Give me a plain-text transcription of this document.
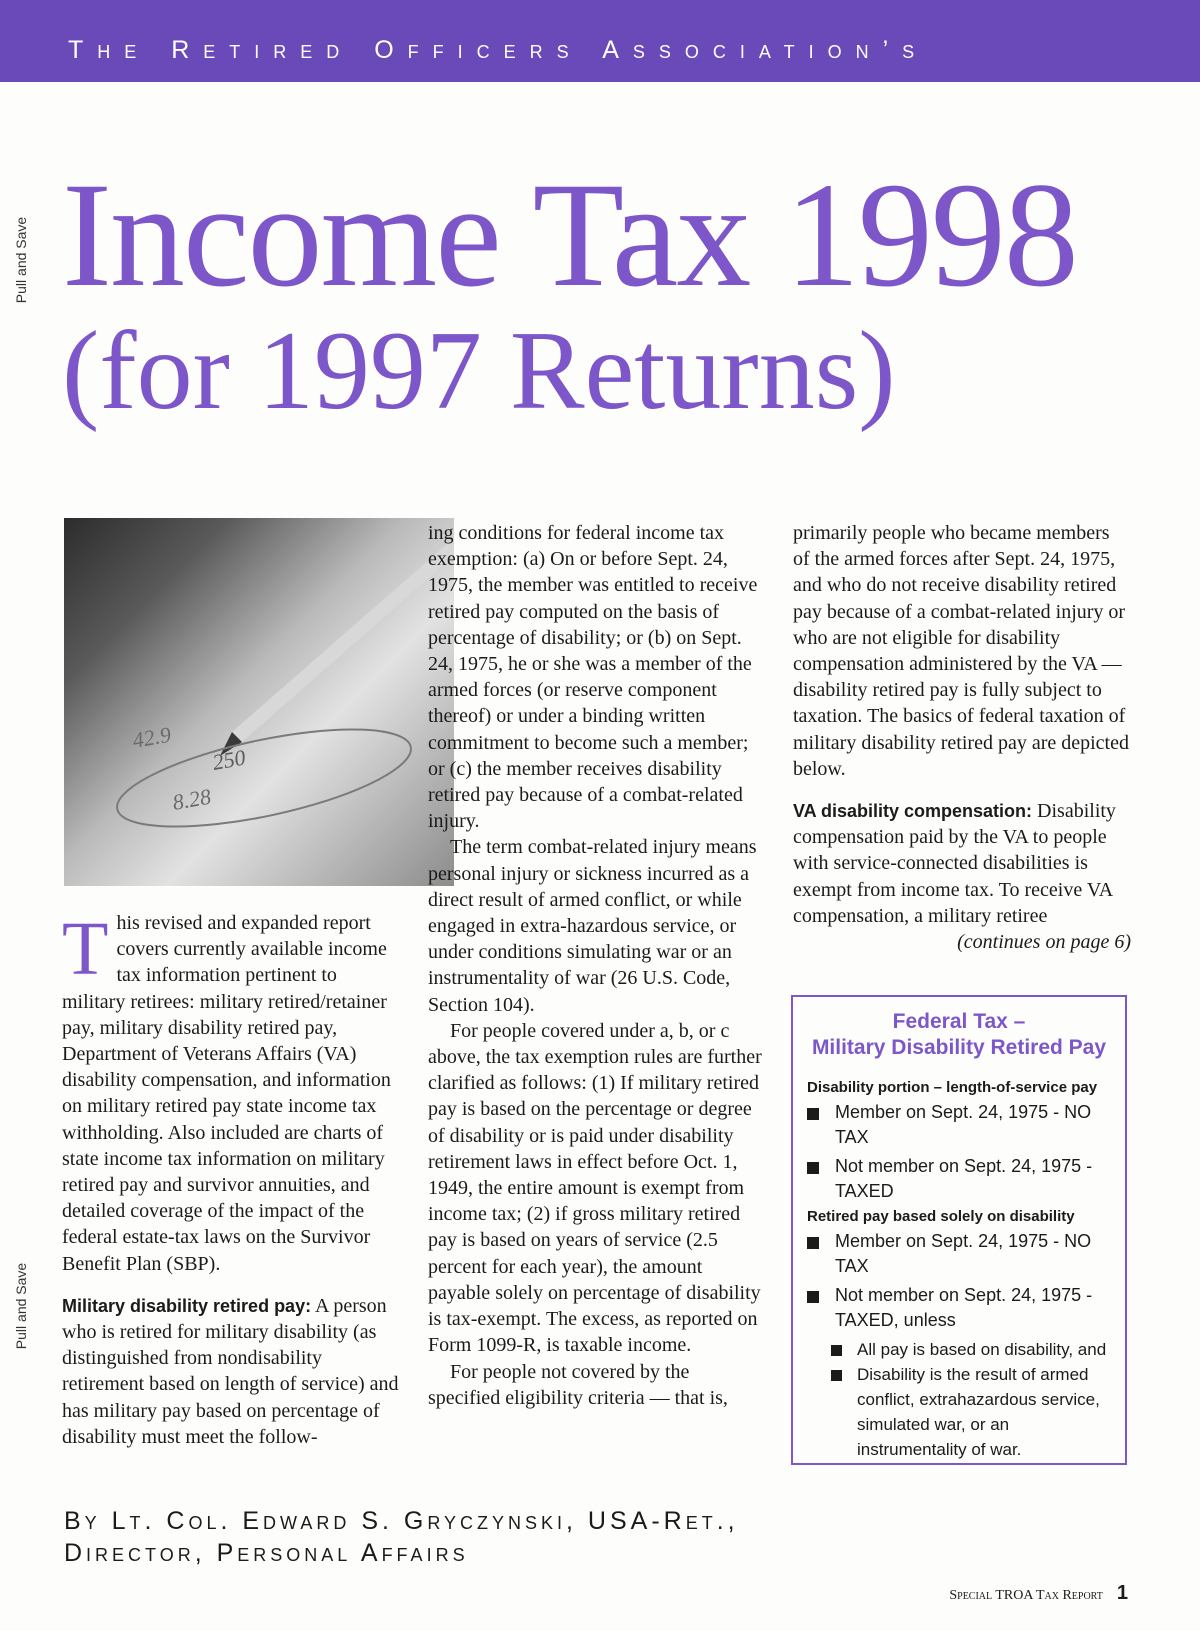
The Retired Officers Association’s
Pull and Save
Pull and Save
Income Tax 1998
(for 1997 Returns)
42.9
250
8.28

This revised and expanded report covers currently available income tax information pertinent to military retirees: military retired/retainer pay, military disability retired pay, Department of Veterans Affairs (VA) disability compensation, and information on military retired pay state income tax withholding. Also included are charts of state income tax information on military retired pay and survivor annuities, and detailed coverage of the impact of the federal estate-tax laws on the Survivor Benefit Plan (SBP).

Military disability retired pay: A person who is retired for military disability (as distinguished from nondisability retirement based on length of service) and has military pay based on percentage of disability must meet the follow-

ing conditions for federal income tax exemption: (a) On or before Sept. 24, 1975, the member was entitled to receive retired pay computed on the basis of percentage of disability; or (b) on Sept. 24, 1975, he or she was a member of the armed forces (or reserve component thereof) or under a binding written commitment to become such a member; or (c) the member receives disability retired pay because of a combat-related injury.

The term combat-related injury means personal injury or sickness incurred as a direct result of armed conflict, or while engaged in extra-hazardous service, or under conditions simulating war or an instrumentality of war (26 U.S. Code, Section 104).

For people covered under a, b, or c above, the tax exemption rules are further clarified as follows: (1) If military retired pay is based on the percentage or degree of disability or is paid under disability retirement laws in effect before Oct. 1, 1949, the entire amount is exempt from income tax; (2) if gross military retired pay is based on years of service (2.5 percent for each year), the amount payable solely on percentage of disability is tax-exempt. The excess, as reported on Form 1099-R, is taxable income.

For people not covered by the specified eligibility criteria — that is,

primarily people who became members of the armed forces after Sept. 24, 1975, and who do not receive disability retired pay because of a combat-related injury or who are not eligible for disability compensation administered by the VA — disability retired pay is fully subject to taxation. The basics of federal taxation of military disability retired pay are depicted below.

VA disability compensation: Disability compensation paid by the VA to people with service-connected disabilities is exempt from income tax. To receive VA compensation, a military retiree

(continues on page 6)

Federal Tax –
Military Disability Retired Pay
Disability portion – length-of-service pay
Member on Sept. 24, 1975 - NO TAX
Not member on Sept. 24, 1975 - TAXED
Retired pay based solely on disability
Member on Sept. 24, 1975 - NO TAX
Not member on Sept. 24, 1975 - TAXED, unless
All pay is based on disability, and
Disability is the result of armed conflict, extrahazardous service, simulated war, or an instrumentality of war.
By Lt. Col. Edward S. Gryczynski, USA-Ret.,
Director, Personal Affairs
Special TROA Tax Report 1
